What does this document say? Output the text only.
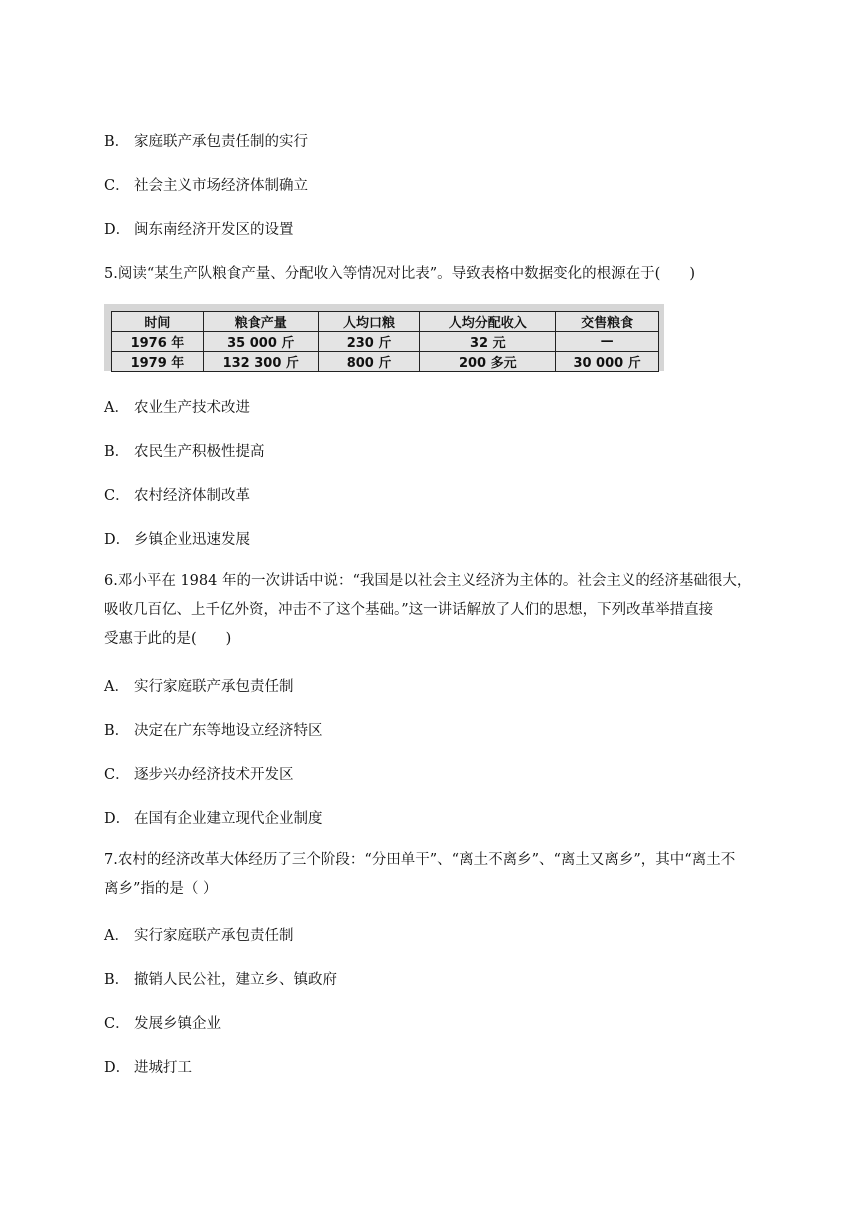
B． 家庭联产承包责任制的实行
C． 社会主义市场经济体制确立
D． 闽东南经济开发区的设置
5.阅读“某生产队粮食产量、分配收入等情况对比表”。导致表格中数据变化的根源在于(　　)
时间	粮食产量	人均口粮	人均分配收入	交售粮食
1976 年	35 000 斤	230 斤	32 元	—
1979 年	132 300 斤	800 斤	200 多元	30 000 斤
A． 农业生产技术改进
B． 农民生产积极性提高
C． 农村经济体制改革
D． 乡镇企业迅速发展
6.邓小平在 1984 年的一次讲话中说：“我国是以社会主义经济为主体的。社会主义的经济基础很大，
吸收几百亿、上千亿外资，冲击不了这个基础。”这一讲话解放了人们的思想，下列改革举措直接
受惠于此的是(　　)
A． 实行家庭联产承包责任制
B． 决定在广东等地设立经济特区
C． 逐步兴办经济技术开发区
D． 在国有企业建立现代企业制度
7.农村的经济改革大体经历了三个阶段：“分田单干”、“离土不离乡”、“离土又离乡”，其中“离土不
离乡”指的是（ ）
A． 实行家庭联产承包责任制
B． 撤销人民公社，建立乡、镇政府
C． 发展乡镇企业
D． 进城打工
